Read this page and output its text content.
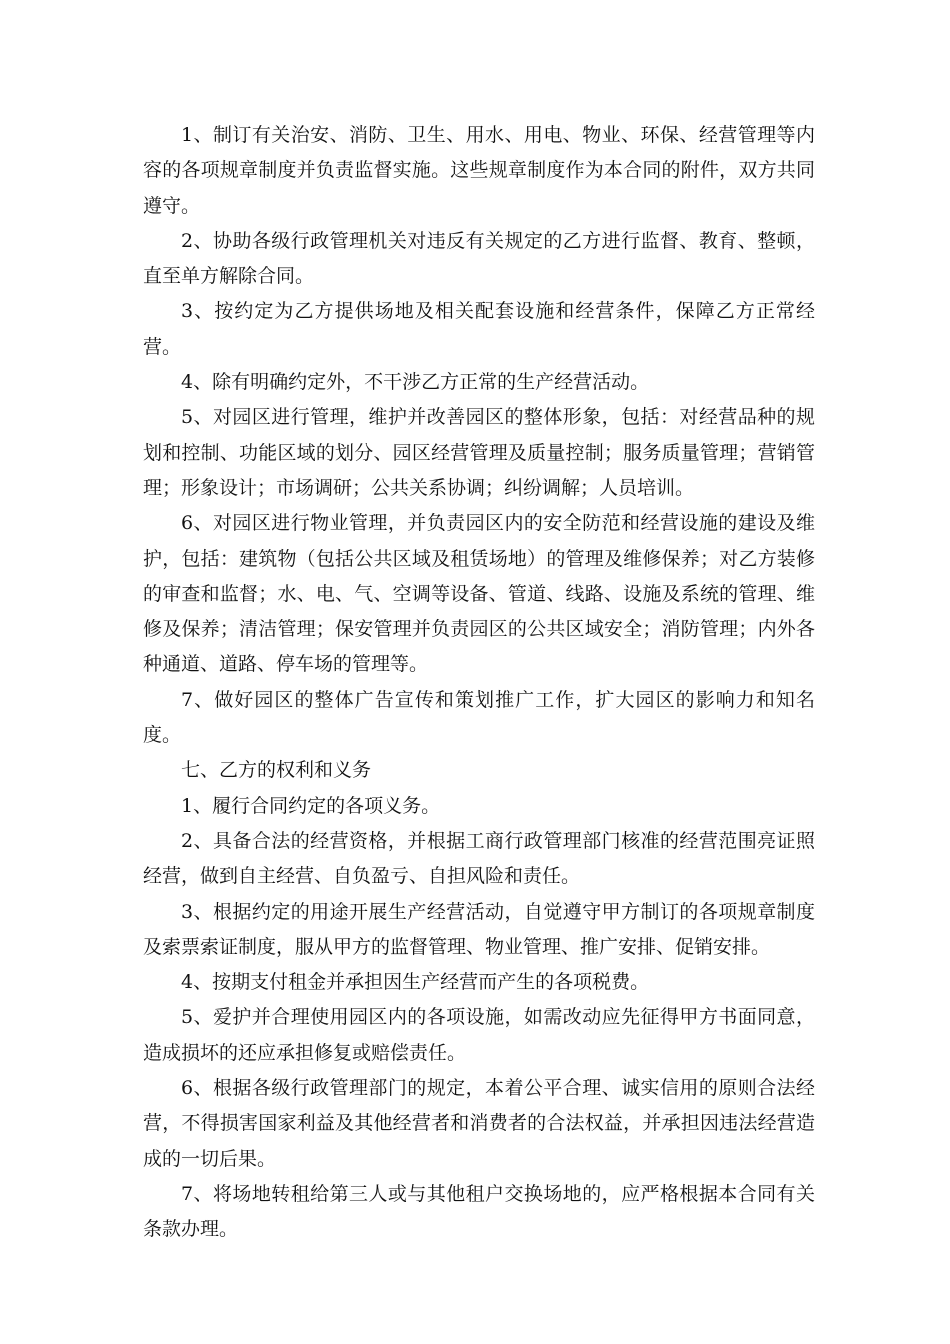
1、制订有关治安、消防、卫生、用水、用电、物业、环保、经营管理等内容的各项规章制度并负责监督实施。这些规章制度作为本合同的附件，双方共同遵守。

2、协助各级行政管理机关对违反有关规定的乙方进行监督、教育、整顿，直至单方解除合同。

3、按约定为乙方提供场地及相关配套设施和经营条件，保障乙方正常经营。

4、除有明确约定外，不干涉乙方正常的生产经营活动。

5、对园区进行管理，维护并改善园区的整体形象，包括：对经营品种的规划和控制、功能区域的划分、园区经营管理及质量控制；服务质量管理；营销管理；形象设计；市场调研；公共关系协调；纠纷调解；人员培训。

6、对园区进行物业管理，并负责园区内的安全防范和经营设施的建设及维护，包括：建筑物（包括公共区域及租赁场地）的管理及维修保养；对乙方装修的审查和监督；水、电、气、空调等设备、管道、线路、设施及系统的管理、维修及保养；清洁管理；保安管理并负责园区的公共区域安全；消防管理；内外各种通道、道路、停车场的管理等。

7、做好园区的整体广告宣传和策划推广工作，扩大园区的影响力和知名度。

七、乙方的权利和义务

1、履行合同约定的各项义务。

2、具备合法的经营资格，并根据工商行政管理部门核准的经营范围亮证照经营，做到自主经营、自负盈亏、自担风险和责任。

3、根据约定的用途开展生产经营活动，自觉遵守甲方制订的各项规章制度及索票索证制度，服从甲方的监督管理、物业管理、推广安排、促销安排。

4、按期支付租金并承担因生产经营而产生的各项税费。

5、爱护并合理使用园区内的各项设施，如需改动应先征得甲方书面同意，造成损坏的还应承担修复或赔偿责任。

6、根据各级行政管理部门的规定，本着公平合理、诚实信用的原则合法经营，不得损害国家利益及其他经营者和消费者的合法权益，并承担因违法经营造成的一切后果。

7、将场地转租给第三人或与其他租户交换场地的，应严格根据本合同有关条款办理。
